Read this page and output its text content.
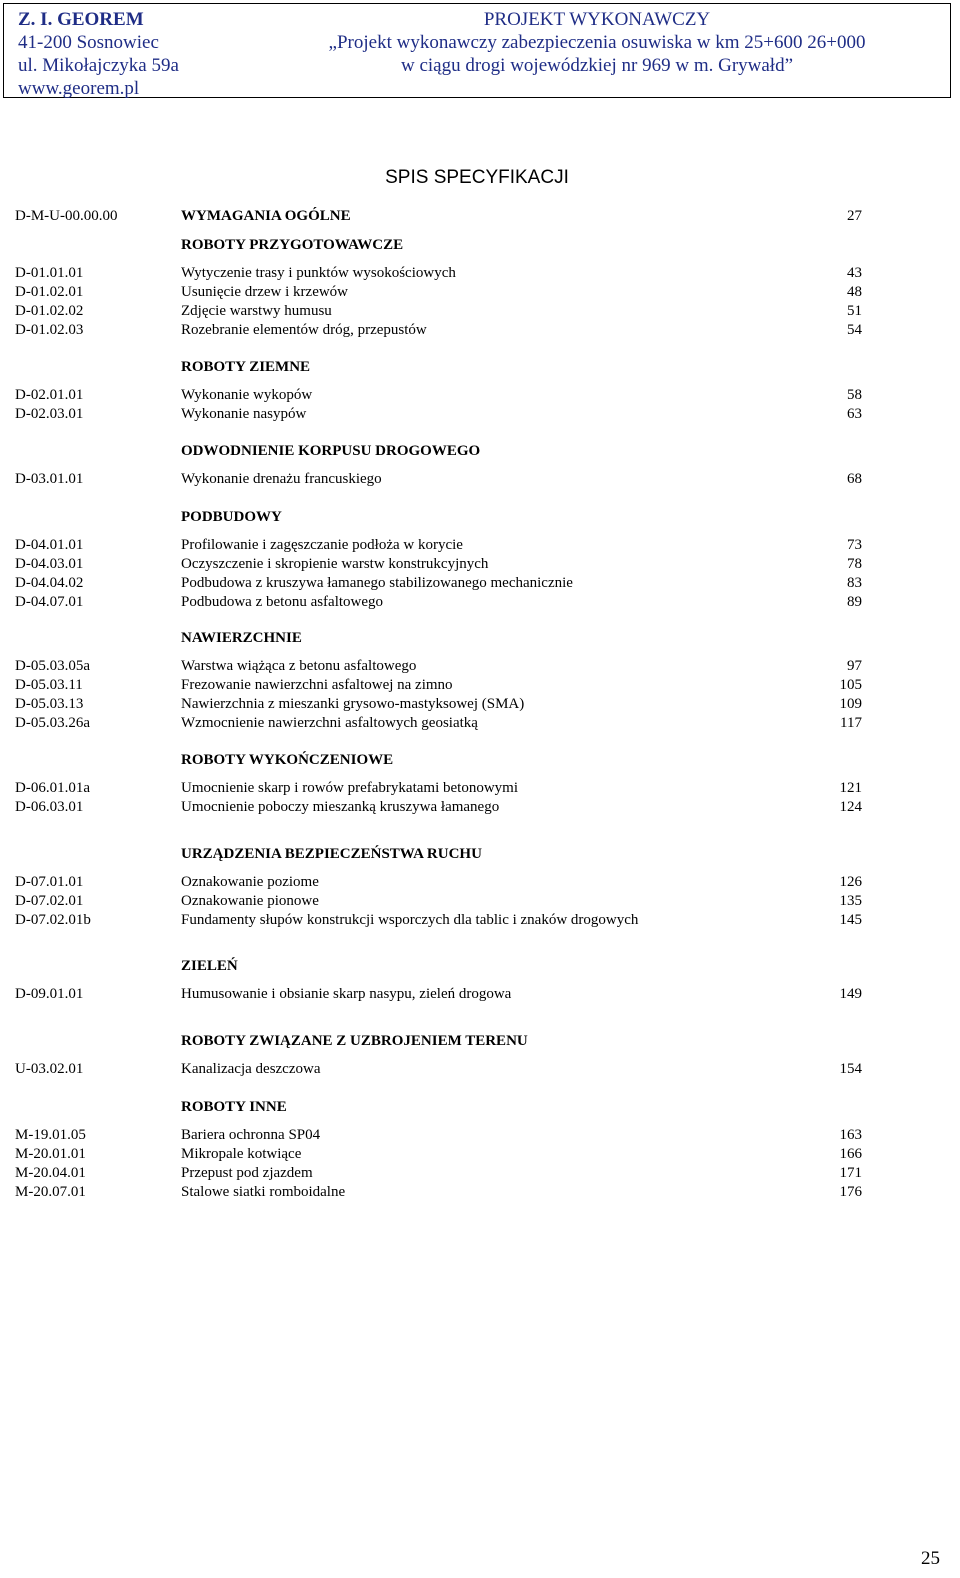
Z. I. GEOREM
41-200 Sosnowiec
ul. Mikołajczyka 59a
www.georem.pl
PROJEKT WYKONAWCZY
„Projekt wykonawczy zabezpieczenia osuwiska w km 25+600 26+000
w ciągu drogi wojewódzkiej nr 969 w m. Grywałd”
SPIS SPECYFIKACJI
D-M-U-00.00.00	WYMAGANIA OGÓLNE	27
ROBOTY PRZYGOTOWAWCZE
D-01.01.01	Wytyczenie trasy i punktów wysokościowych	43
D-01.02.01	Usunięcie drzew i krzewów	48
D-01.02.02	Zdjęcie warstwy humusu	51
D-01.02.03	Rozebranie elementów dróg, przepustów	54
ROBOTY ZIEMNE
D-02.01.01	Wykonanie wykopów	58
D-02.03.01	Wykonanie nasypów	63
ODWODNIENIE KORPUSU DROGOWEGO
D-03.01.01	Wykonanie drenażu francuskiego	68
PODBUDOWY
D-04.01.01	Profilowanie i zagęszczanie podłoża w korycie	73
D-04.03.01	Oczyszczenie i skropienie warstw konstrukcyjnych	78
D-04.04.02	Podbudowa z kruszywa łamanego stabilizowanego mechanicznie	83
D-04.07.01	Podbudowa z betonu asfaltowego	89
NAWIERZCHNIE
D-05.03.05a	Warstwa wiążąca z betonu asfaltowego	97
D-05.03.11	Frezowanie nawierzchni asfaltowej na zimno	105
D-05.03.13	Nawierzchnia z mieszanki grysowo-mastyksowej (SMA)	109
D-05.03.26a	Wzmocnienie nawierzchni asfaltowych geosiatką	117
ROBOTY WYKOŃCZENIOWE
D-06.01.01a	Umocnienie skarp i rowów prefabrykatami betonowymi	121
D-06.03.01	Umocnienie poboczy mieszanką kruszywa łamanego	124
URZĄDZENIA BEZPIECZEŃSTWA RUCHU
D-07.01.01	Oznakowanie poziome	126
D-07.02.01	Oznakowanie pionowe	135
D-07.02.01b	Fundamenty słupów konstrukcji wsporczych dla tablic i znaków drogowych	145
ZIELEŃ
D-09.01.01	Humusowanie i obsianie skarp nasypu, zieleń drogowa	149
ROBOTY ZWIĄZANE Z UZBROJENIEM TERENU
U-03.02.01	Kanalizacja deszczowa	154
ROBOTY INNE
M-19.01.05	Bariera ochronna SP04	163
M-20.01.01	Mikropale kotwiące	166
M-20.04.01	Przepust pod zjazdem	171
M-20.07.01	Stalowe siatki romboidalne	176
25
